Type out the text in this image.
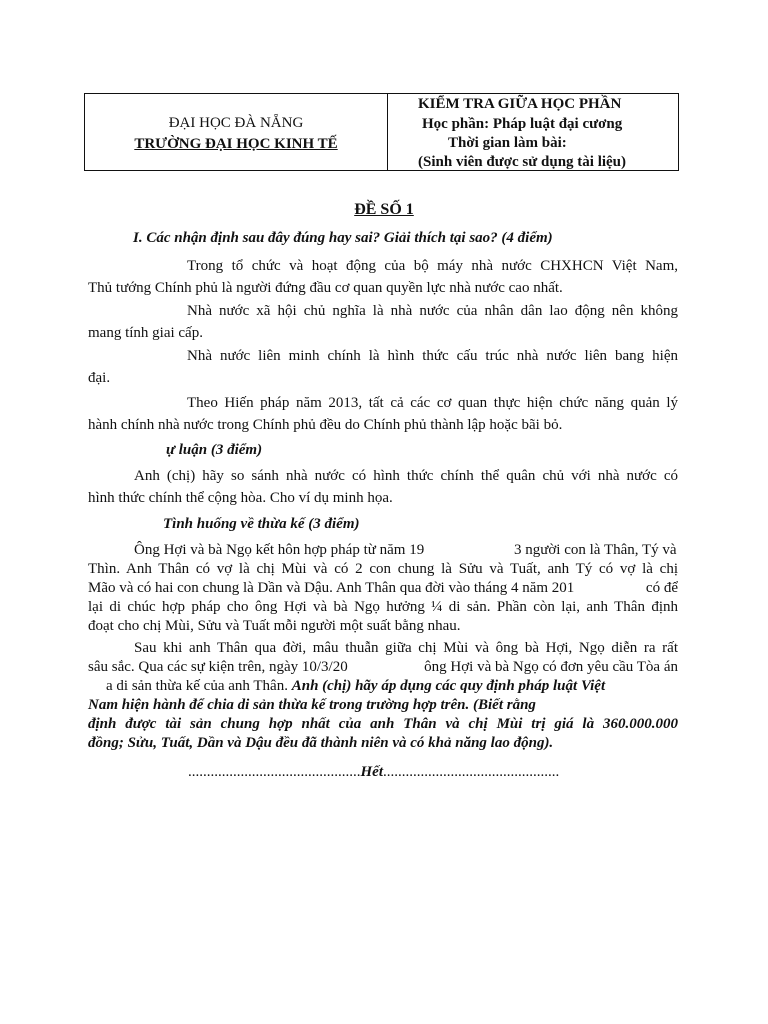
ĐẠI HỌC ĐÀ NẴNG
TRƯỜNG ĐẠI HỌC KINH TẾ
KIỂM TRA GIỮA HỌC PHẦN
Học phần: Pháp luật đại cương
Thời gian làm bài:
(Sinh viên được sử dụng tài liệu)
ĐỀ SỐ 1
I. Các nhận định sau đây đúng hay sai? Giải thích tại sao? (4 điểm)
Trong tổ chức và hoạt động của bộ máy nhà nước CHXHCN Việt Nam,
Thủ tướng Chính phủ là người đứng đầu cơ quan quyền lực nhà nước cao nhất.
Nhà nước xã hội chủ nghĩa là nhà nước của nhân dân lao động nên không
mang tính giai cấp.
Nhà nước liên minh chính là hình thức cấu trúc nhà nước liên bang hiện
đại.
Theo Hiến pháp năm 2013, tất cả các cơ quan thực hiện chức năng quản lý
hành chính nhà nước trong Chính phủ đều do Chính phủ thành lập hoặc bãi bỏ.
ự luận (3 điểm)
Anh (chị) hãy so sánh nhà nước có hình thức chính thể quân chủ với nhà nước có
hình thức chính thể cộng hòa. Cho ví dụ minh họa.
Tình huống về thừa kế (3 điểm)
Ông Hợi và bà Ngọ kết hôn hợp pháp từ năm 19	3 người con là Thân, Tý và
Thìn. Anh Thân có vợ là chị Mùi và có 2 con chung là Sửu và Tuất, anh Tý có vợ là chị
Mão và có hai con chung là Dần và Dậu. Anh Thân qua đời vào tháng 4 năm 201	có để
lại di chúc hợp pháp cho ông Hợi và bà Ngọ hưởng ¼ di sản. Phần còn lại, anh Thân định
đoạt cho chị Mùi, Sửu và Tuất mỗi người một suất bằng nhau.
Sau khi anh Thân qua đời, mâu thuẫn giữa chị Mùi và ông bà Hợi, Ngọ diễn ra rất
sâu sắc. Qua các sự kiện trên, ngày 10/3/20	ông Hợi và bà Ngọ có đơn yêu cầu Tòa án
a di sản thừa kế của anh Thân. Anh (chị) hãy áp dụng các quy định pháp luật Việt
Nam hiện hành để chia di sản thừa kế trong trường hợp trên. (Biết rằng
định được tài sản chung hợp nhất của anh Thân và chị Mùi trị giá là 360.000.000
đồng; Sửu, Tuất, Dần và Dậu đều đã thành niên và có khả năng lao động).
..............................................Hết...............................................
